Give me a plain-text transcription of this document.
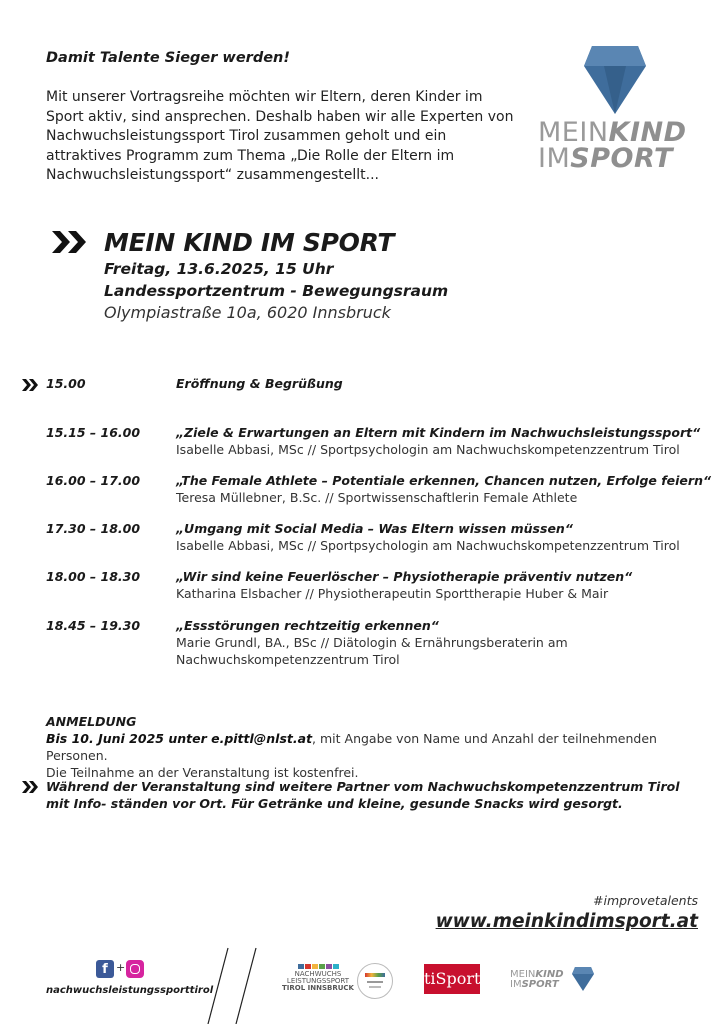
Damit Talente Sieger werden!
Mit unserer Vortragsreihe möchten wir Eltern, deren Kinder im Sport aktiv, sind ansprechen. Deshalb haben wir alle Experten von Nachwuchsleistungssport Tirol zusammen geholt und ein attraktives Programm zum Thema „Die Rolle der Eltern im Nachwuchsleistungssport“ zusammengestellt...
MEINKIND
IMSPORT
MEIN KIND IM SPORT
Freitag, 13.6.2025, 15 Uhr
Landessportzentrum - Bewegungsraum
Olympiastraße 10a, 6020 Innsbruck
15.00	Eröffnung & Begrüßung
15.15 – 16.00	„Ziele & Erwartungen an Eltern mit Kindern im Nachwuchsleistungssport“
Isabelle Abbasi, MSc // Sportpsychologin am Nachwuchskompetenzzentrum Tirol
16.00 – 17.00	„The Female Athlete – Potentiale erkennen, Chancen nutzen, Erfolge feiern“
Teresa Müllebner, B.Sc. // Sportwissenschaftlerin Female Athlete
17.30 – 18.00	„Umgang mit Social Media – Was Eltern wissen müssen“
Isabelle Abbasi, MSc // Sportpsychologin am Nachwuchskompetenzzentrum Tirol
18.00 – 18.30	„Wir sind keine Feuerlöscher – Physiotherapie präventiv nutzen“
Katharina Elsbacher // Physiotherapeutin Sporttherapie Huber & Mair
18.45 – 19.30	„Essstörungen rechtzeitig erkennen“
Marie Grundl, BA., BSc // Diätologin & Ernährungsberaterin am
Nachwuchskompetenzzentrum Tirol
ANMELDUNG
Bis 10. Juni 2025 unter e.pittl@nlst.at, mit Angabe von Name und Anzahl der teilnehmenden Personen.
Die Teilnahme an der Veranstaltung ist kostenfrei.
Während der Veranstaltung sind weitere Partner vom Nachwuchskompetenzzentrum Tirol mit Info- ständen vor Ort. Für Getränke und kleine, gesunde Snacks wird gesorgt.
#improvetalents
www.meinkindimsport.at
f +
nachwuchsleistungssporttirol
NACHWUCHS
LEISTUNGSSPORT
TIROL INNSBRUCK	tiSport	MEINKIND
IMSPORT
